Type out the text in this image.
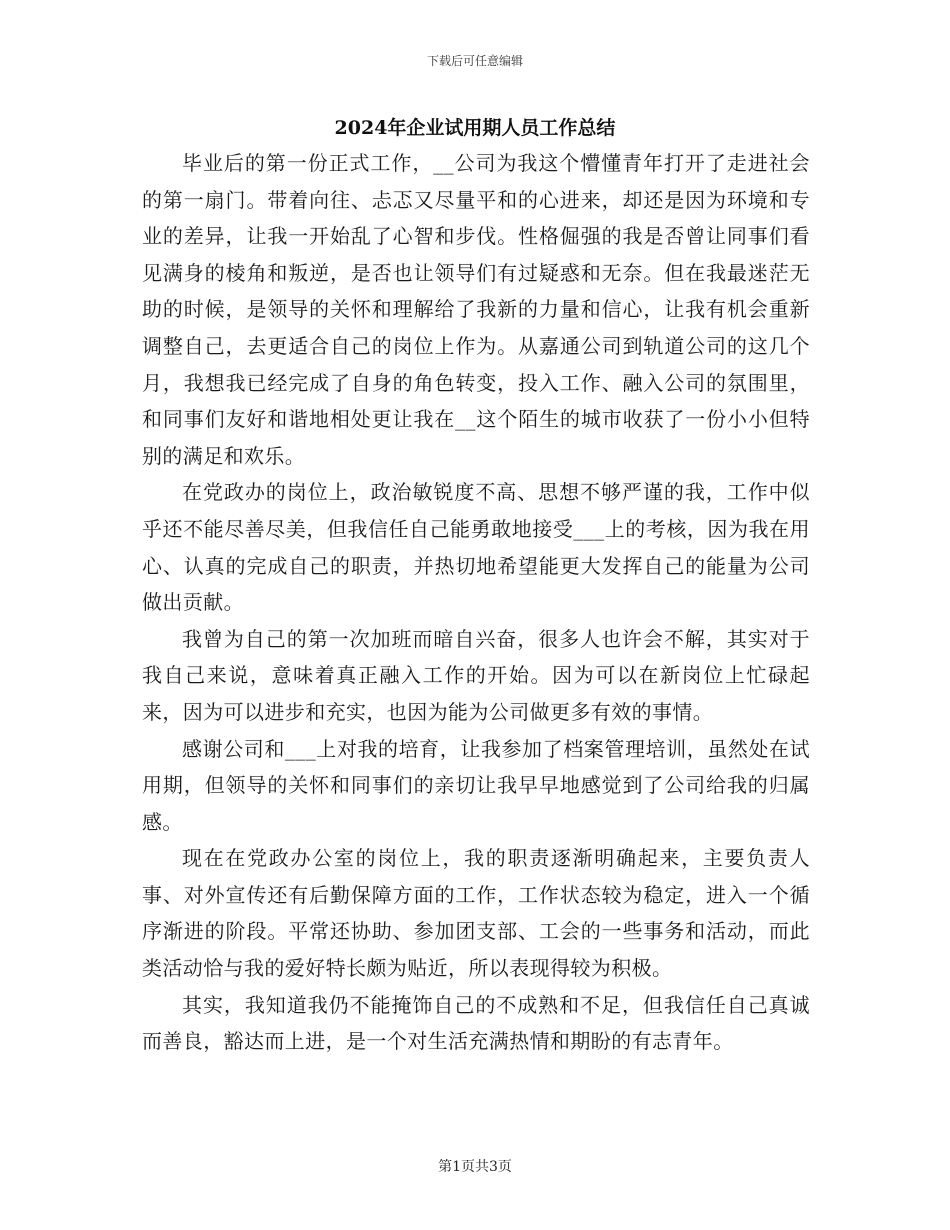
下载后可任意编辑
2024年企业试用期人员工作总结

毕业后的第一份正式工作，__公司为我这个懵懂青年打开了走进社会的第一扇门。带着向往、忐忑又尽量平和的心进来，却还是因为环境和专业的差异，让我一开始乱了心智和步伐。性格倔强的我是否曾让同事们看见满身的棱角和叛逆，是否也让领导们有过疑惑和无奈。但在我最迷茫无助的时候，是领导的关怀和理解给了我新的力量和信心，让我有机会重新调整自己，去更适合自己的岗位上作为。从嘉通公司到轨道公司的这几个月，我想我已经完成了自身的角色转变，投入工作、融入公司的氛围里，和同事们友好和谐地相处更让我在__这个陌生的城市收获了一份小小但特别的满足和欢乐。

在党政办的岗位上，政治敏锐度不高、思想不够严谨的我，工作中似乎还不能尽善尽美，但我信任自己能勇敢地接受___上的考核，因为我在用心、认真的完成自己的职责，并热切地希望能更大发挥自己的能量为公司做出贡献。

我曾为自己的第一次加班而暗自兴奋，很多人也许会不解，其实对于我自己来说，意味着真正融入工作的开始。因为可以在新岗位上忙碌起来，因为可以进步和充实，也因为能为公司做更多有效的事情。

感谢公司和___上对我的培育，让我参加了档案管理培训，虽然处在试用期，但领导的关怀和同事们的亲切让我早早地感觉到了公司给我的归属感。

现在在党政办公室的岗位上，我的职责逐渐明确起来，主要负责人事、对外宣传还有后勤保障方面的工作，工作状态较为稳定，进入一个循序渐进的阶段。平常还协助、参加团支部、工会的一些事务和活动，而此类活动恰与我的爱好特长颇为贴近，所以表现得较为积极。

其实，我知道我仍不能掩饰自己的不成熟和不足，但我信任自己真诚而善良，豁达而上进，是一个对生活充满热情和期盼的有志青年。

第1页共3页
